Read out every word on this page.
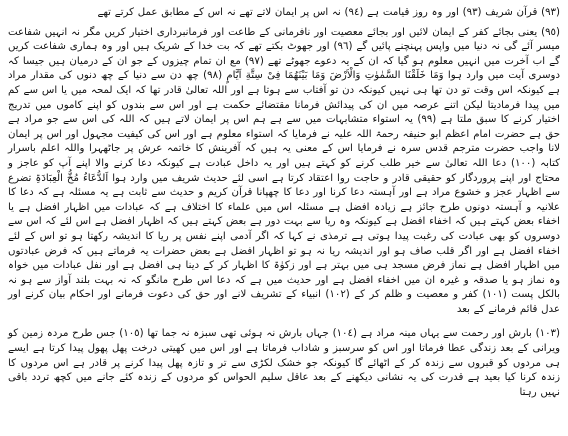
(٩٣) قرآن شریف (٩٣) اور وہ روز قیامت ہے (٩٤) نہ اس پر ایمان لاتے تھے نہ اس کے مطابق عمل کرتے تھے

(٩٥) یعنی بجائے کفر کے ایمان لائیں اور بجائے معصیت اور نافرمانی کے طاعت اور فرمانبرداری اختیار کریں مگر نہ انہیں شفاعت میسر آئے گی نہ دنیا میں واپس پہنچنے پائیں گے (٩٦) اور جھوٹ بکتے تھے کہ بت خدا کے شریک ہیں اور وہ ہماری شفاعت کریں گے اب آخرت میں انہیں معلوم ہو گیا کہ ان کے یہ دعوے جھوٹے تھے (٩٧) مع ان تمام چیزوں کے جو ان کے درمیان ہیں جیسا کہ دوسری آیت میں وارد ہوا وَمَا خَلَقْنَا السَّمٰوٰتِ وَالْاَرْضَ وَمَا بَیْنَهُمَا فِیْ سِتَّةِ اَیَّامٍ (٩٨) چھ دن سے دنیا کے چھ دنوں کی مقدار مراد ہے کیونکہ اس وقت تو دن تھا ہی نہیں کیونکہ دن تو آفتاب سے ہوتا ہے اور اللہ تعالیٰ قادر تھا کہ ایک لمحہ میں یا اس سے کم میں پیدا فرمادیتا لیکن اتنے عرصہ میں ان کی پیدائش فرمانا مقتضائے حکمت ہے اور اس سے بندوں کو اپنے کاموں میں تدریج اختیار کرنے کا سبق ملتا ہے (٩٩) یہ استواء متشابہات میں سے ہے ہم اس پر ایمان لاتے ہیں کہ اللہ کی اس سے جو مراد ہے حق ہے حضرت امام اعظم ابو حنیفہ رحمۃ اللہ علیہ نے فرمایا کہ استواء معلوم ہے اور اس کی کیفیت مجہول اور اس پر ایمان لانا واجب حضرت مترجم قدس سرہ نے فرمایا اس کے معنی یہ ہیں کہ آفرینش کا خاتمہ عرش پر جاٹھہرا واللہ اعلم باسرار کتابہ (١٠٠) دعا اللہ تعالیٰ سے خیر طلب کرنے کو کہتے ہیں اور یہ داخل عبادت ہے کیونکہ دعا کرنے والا اپنے آپ کو عاجز و محتاج اور اپنے پروردگار کو حقیقی قادر و حاجت روا اعتقاد کرتا ہے اسی لئے حدیث شریف میں وارد ہوا اَلدُّعَاءُ مُخُّ الْعِبَادَۃِ تضرع سے اظہار عجز و خشوع مراد ہے اور آہستہ دعا کرنا اور دعا کا چھپانا قرآن کریم و حدیث سے ثابت ہے یہ مسئلہ ہے کہ دعا کا علانیہ و آہستہ دونوں طرح جائز ہے زیادہ افضل ہے مسئلہ اس میں علماء کا اختلاف ہے کہ عبادات میں اظہار افضل ہے یا اخفاء بعض کہتے ہیں کہ اخفاء افضل ہے کیونکہ وہ ریا سے بہت دور ہے بعض کہتے ہیں کہ اظہار افضل ہے اس لئے کہ اس سے دوسروں کو بھی عبادت کی رغبت پیدا ہوتی ہے ترمذی نے کہا کہ اگر آدمی اپنے نفس پر ریا کا اندیشہ رکھتا ہو تو اس کے لئے اخفاء افضل ہے اور اگر قلب صاف ہو اور اندیشہ ریا نہ ہو تو اظہار افضل ہے بعض حضرات یہ فرماتے ہیں کہ فرض عبادتوں میں اظہار افضل ہے نماز فرض مسجد ہی میں بہتر ہے اور زکوٰۃ کا اظہار کر کے دینا ہی افضل ہے اور نفل عبادات میں خواہ وہ نماز ہو یا صدقہ و غیرہ ان میں اخفاء افضل ہے اور حدیث میں ہے کہ دعا اس طرح مانگو کہ نہ بہت بلند آواز سے ہو نہ بالکل پست (١٠١) کفر و معصیت و ظلم کر کے (١٠٢) انبیاء کے تشریف لانے اور حق کی دعوت فرمانے اور احکام بیان کرنے اور عدل قائم فرمانے کے بعد

(١٠٣) بارش اور رحمت سے یہاں مینہ مراد ہے (١٠٤) جہاں بارش نہ ہوئی تھی سبزہ نہ جما تھا (١٠٥) جس طرح مردہ زمین کو ویرانی کے بعد زندگی عطا فرماتا اور اس کو سرسبز و شاداب فرماتا ہے اور اس میں کھیتی درخت پھل پھول پیدا کرتا ہے ایسے ہی مردوں کو قبروں سے زندہ کر کے اٹھائے گا کیونکہ جو خشک لکڑی سے تر و تازہ پھل پیدا کرنے پر قادر ہے اس مردوں کا زندہ کرنا کیا بعید ہے قدرت کی یہ نشانی دیکھنے کے بعد عاقل سلیم الحواس کو مردوں کے زندہ کئے جانے میں کچھ تردد باقی نہیں رہتا
